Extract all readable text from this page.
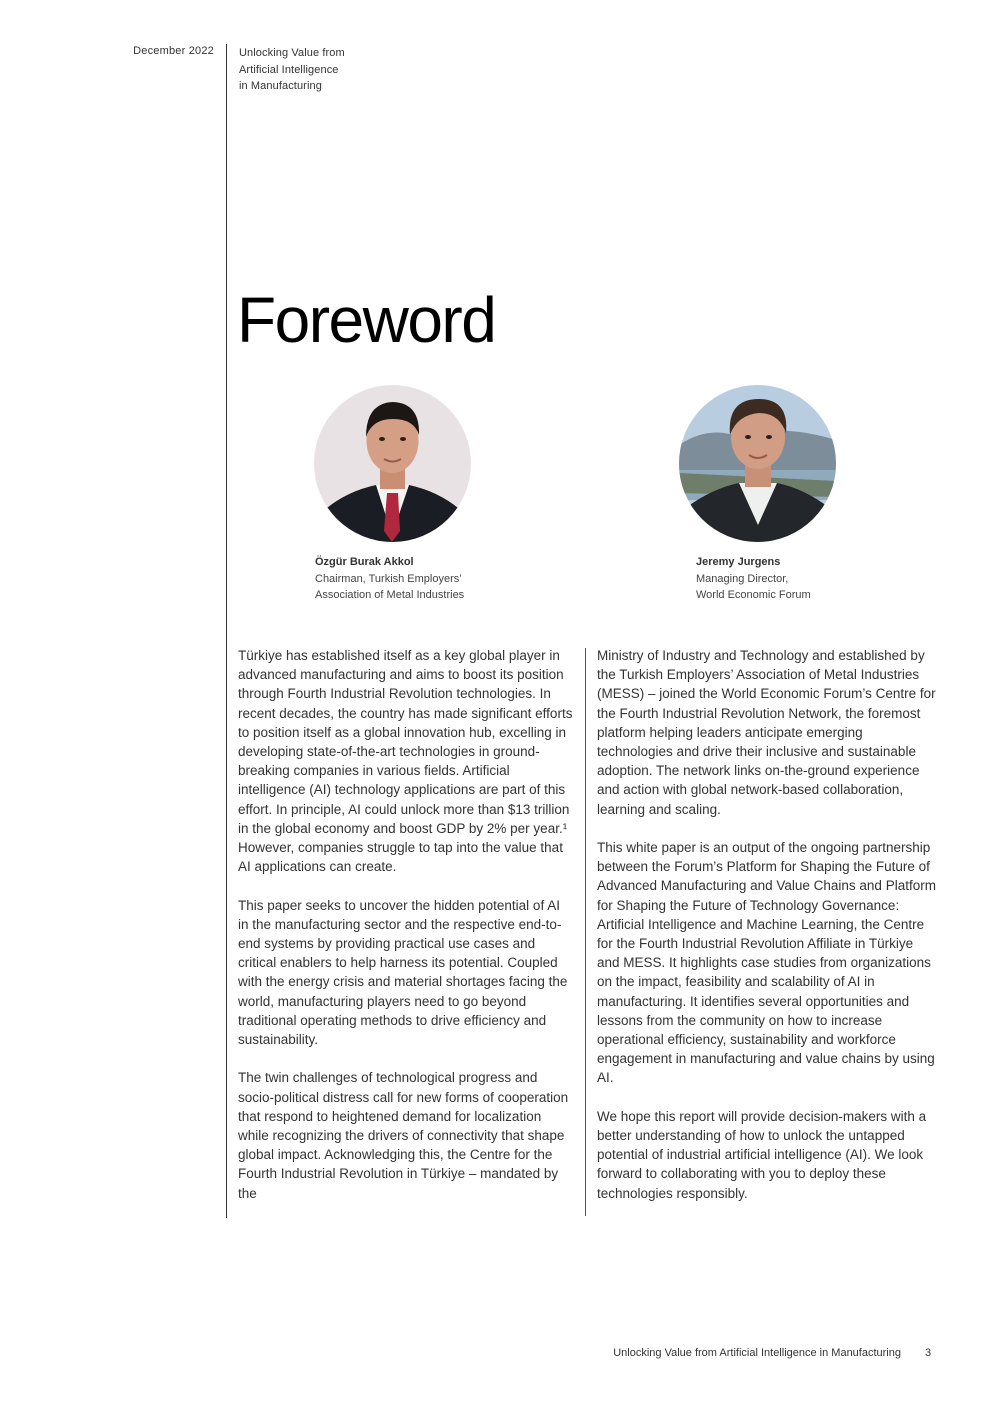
December 2022 Unlocking Value from
Artificial Intelligence
in Manufacturing
Foreword
Özgür Burak Akkol
Chairman, Turkish Employers’
Association of Metal Industries
Jeremy Jurgens
Managing Director,
World Economic Forum

Türkiye has established itself as a key global player in advanced manufacturing and aims to boost its position through Fourth Industrial Revolution technologies. In recent decades, the country has made significant efforts to position itself as a global innovation hub, excelling in developing state-of-the-art technologies in ground-breaking companies in various fields. Artificial intelligence (AI) technology applications are part of this effort. In principle, AI could unlock more than $13 trillion in the global economy and boost GDP by 2% per year.¹ However, companies struggle to tap into the value that AI applications can create.

This paper seeks to uncover the hidden potential of AI in the manufacturing sector and the respective end-to-end systems by providing practical use cases and critical enablers to help harness its potential. Coupled with the energy crisis and material shortages facing the world, manufacturing players need to go beyond traditional operating methods to drive efficiency and sustainability.

The twin challenges of technological progress and socio-political distress call for new forms of cooperation that respond to heightened demand for localization while recognizing the drivers of connectivity that shape global impact. Acknowledging this, the Centre for the Fourth Industrial Revolution in Türkiye – mandated by the

Ministry of Industry and Technology and established by the Turkish Employers’ Association of Metal Industries (MESS) – joined the World Economic Forum’s Centre for the Fourth Industrial Revolution Network, the foremost platform helping leaders anticipate emerging technologies and drive their inclusive and sustainable adoption. The network links on-the-ground experience and action with global network-based collaboration, learning and scaling.

This white paper is an output of the ongoing partnership between the Forum’s Platform for Shaping the Future of Advanced Manufacturing and Value Chains and Platform for Shaping the Future of Technology Governance: Artificial Intelligence and Machine Learning, the Centre for the Fourth Industrial Revolution Affiliate in Türkiye and MESS. It highlights case studies from organizations on the impact, feasibility and scalability of AI in manufacturing. It identifies several opportunities and lessons from the community on how to increase operational efficiency, sustainability and workforce engagement in manufacturing and value chains by using AI.

We hope this report will provide decision-makers with a better understanding of how to unlock the untapped potential of industrial artificial intelligence (AI). We look forward to collaborating with you to deploy these technologies responsibly.

Unlocking Value from Artificial Intelligence in Manufacturing 3
